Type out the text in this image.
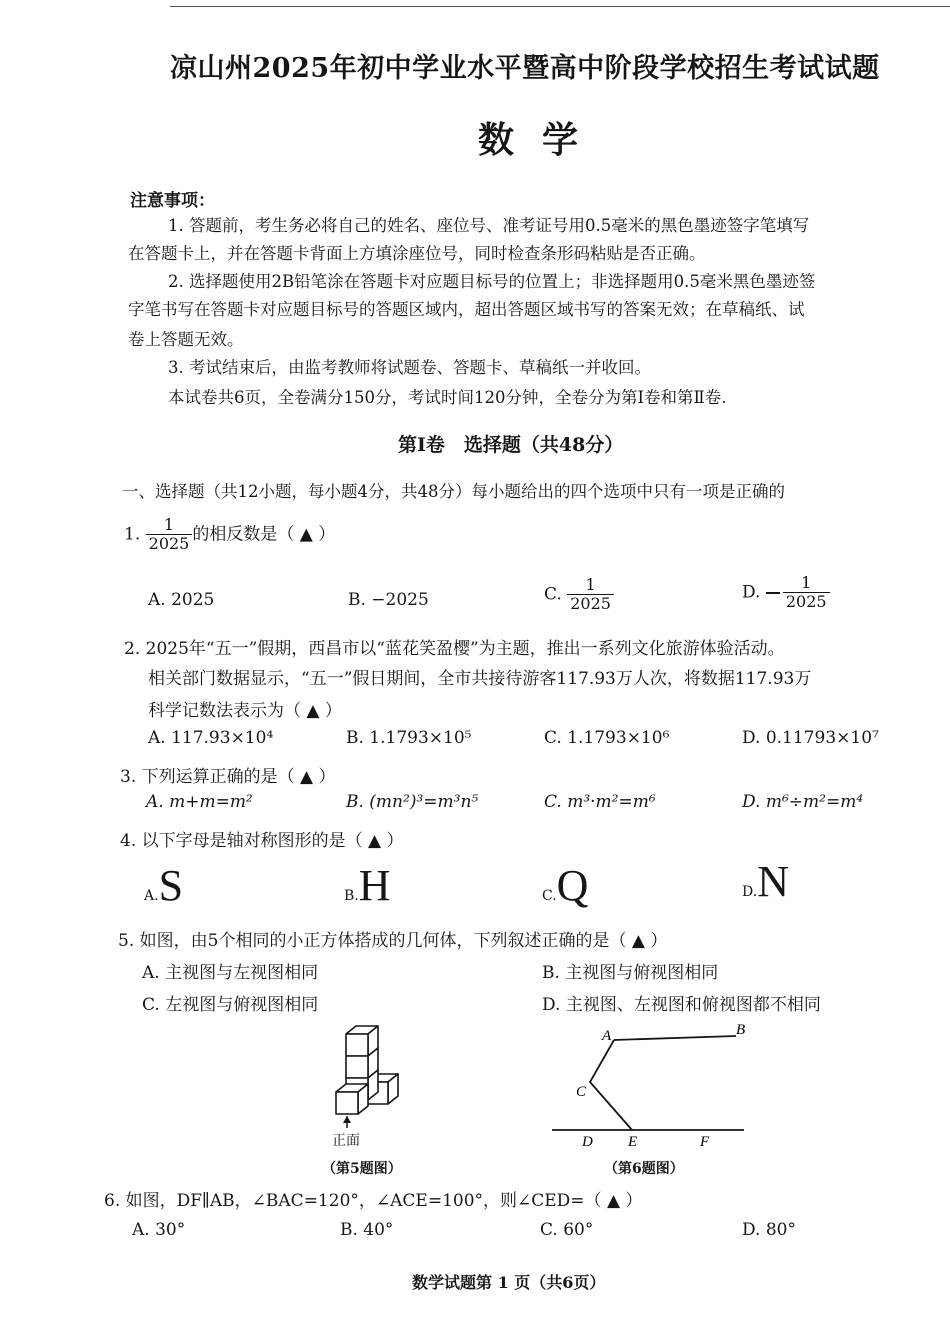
凉山州2025年初中学业水平暨高中阶段学校招生考试试题
数学
注意事项：
1. 答题前，考生务必将自己的姓名、座位号、准考证号用0.5毫米的黑色墨迹签字笔填写
在答题卡上，并在答题卡背面上方填涂座位号，同时检查条形码粘贴是否正确。
2. 选择题使用2B铅笔涂在答题卡对应题目标号的位置上；非选择题用0.5毫米黑色墨迹签
字笔书写在答题卡对应题目标号的答题区域内，超出答题区域书写的答案无效；在草稿纸、试
卷上答题无效。
3. 考试结束后，由监考教师将试题卷、答题卡、草稿纸一并收回。
本试卷共6页，全卷满分150分，考试时间120分钟，全卷分为第Ⅰ卷和第Ⅱ卷.
第Ⅰ卷　选择题（共48分）
一、选择题（共12小题，每小题4分，共48分）每小题给出的四个选项中只有一项是正确的
1. $\frac{1}{2025}$ 的相反数是（ ▲ ）
A. 2025	B. −2025	C. $\frac{1}{2025}$	D. $\frac{1}{2025}$
2. 2025年“五一”假期，西昌市以“蓝花笑盈樱”为主题，推出一系列文化旅游体验活动。
相关部门数据显示，“五一”假日期间，全市共接待游客117.93万人次，将数据117.93万
科学记数法表示为（ ▲ ）
A. 117.93×10⁴	B. 1.1793×10⁵	C. 1.1793×10⁶	D. 0.11793×10⁷
3. 下列运算正确的是（ ▲ ）
A. m+m=m²	B. (mn²)³=m³n⁵	C. m³·m²=m⁶	D. m⁶÷m²=m⁴
4. 以下字母是轴对称图形的是（ ▲ ）
A.S	B.H	C.Q	D.N
5. 如图，由5个相同的小正方体搭成的几何体，下列叙述正确的是（ ▲ ）
A. 主视图与左视图相同	B. 主视图与俯视图相同
C. 左视图与俯视图相同	D. 主视图、左视图和俯视图都不相同
正面
（第5题图）
A	B
C
D E	F
（第6题图）
6. 如图，DF∥AB，∠BAC=120°，∠ACE=100°，则∠CED=（ ▲ ）
A. 30°	B. 40°	C. 60°	D. 80°
数学试题第 1 页（共6页）
